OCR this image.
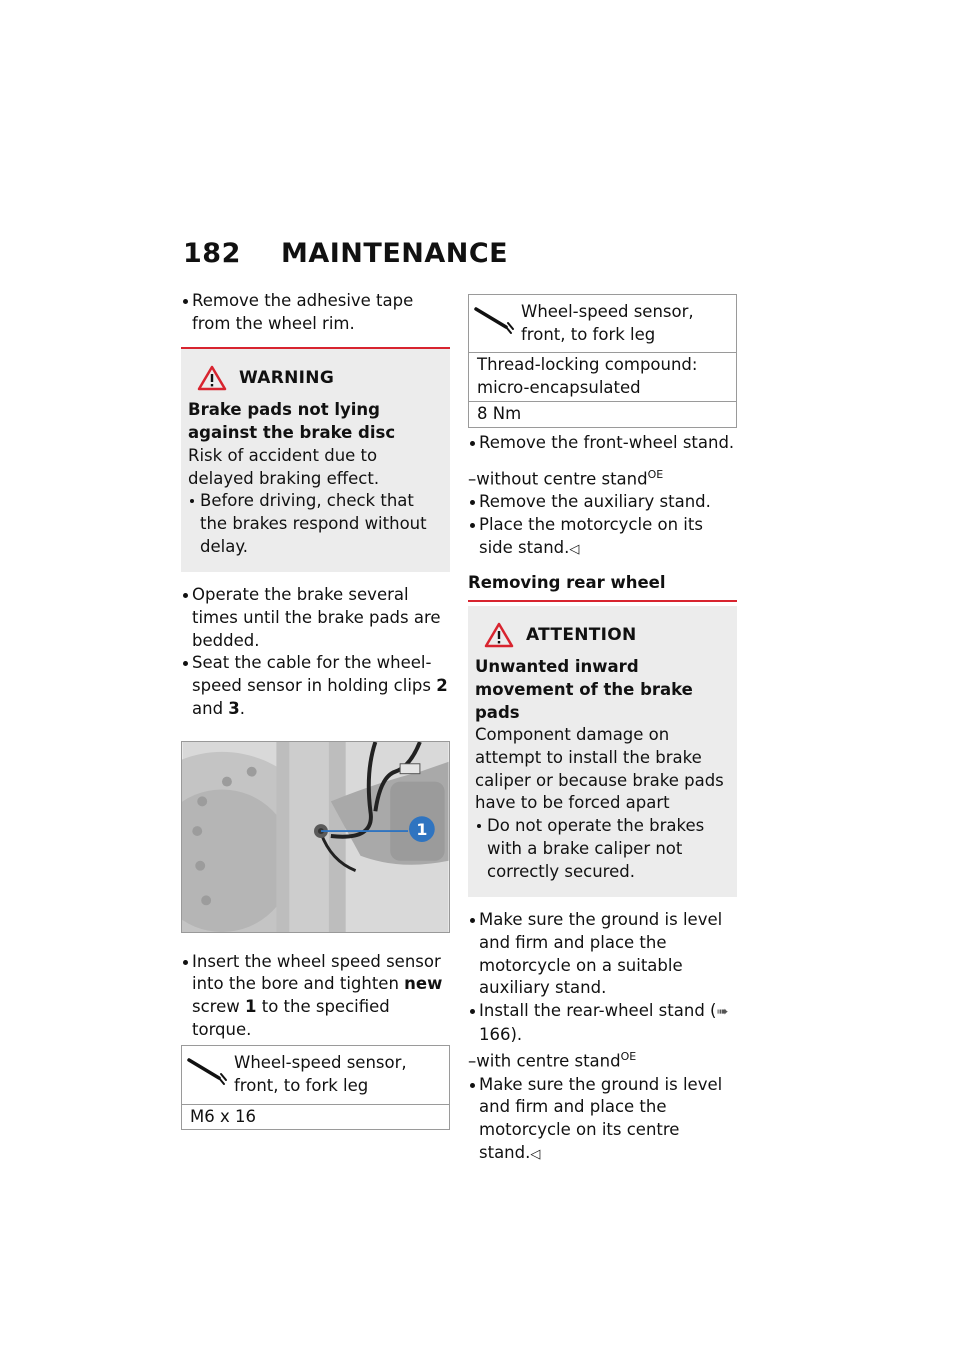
182 MAINTENANCE
Remove the adhesive tape from the wheel rim.
WARNING
Brake pads not lying against the brake disc
Risk of accident due to delayed braking effect.
Before driving, check that the brakes respond without delay.
Operate the brake several times until the brake pads are bedded.
Seat the cable for the wheel-speed sensor in holding clips 2 and 3.
1
Insert the wheel speed sensor into the bore and tighten new screw 1 to the specified torque.
Wheel-speed sensor, front, to fork leg
M6 x 16
Wheel-speed sensor, front, to fork leg
Thread-locking compound: micro-encapsulated
8 Nm
Remove the front-wheel stand.
–without centre stand$^{OE}$
Remove the auxiliary stand.
Place the motorcycle on its side stand.◁
Removing rear wheel
ATTENTION
Unwanted inward movement of the brake pads
Component damage on attempt to install the brake caliper or because brake pads have to be forced apart
Do not operate the brakes with a brake caliper not correctly secured.
Make sure the ground is level and firm and place the motorcycle on a suitable auxiliary stand.
Install the rear-wheel stand (➠ 166).
–with centre stand$^{OE}$
Make sure the ground is level and firm and place the motorcycle on its centre stand.◁
